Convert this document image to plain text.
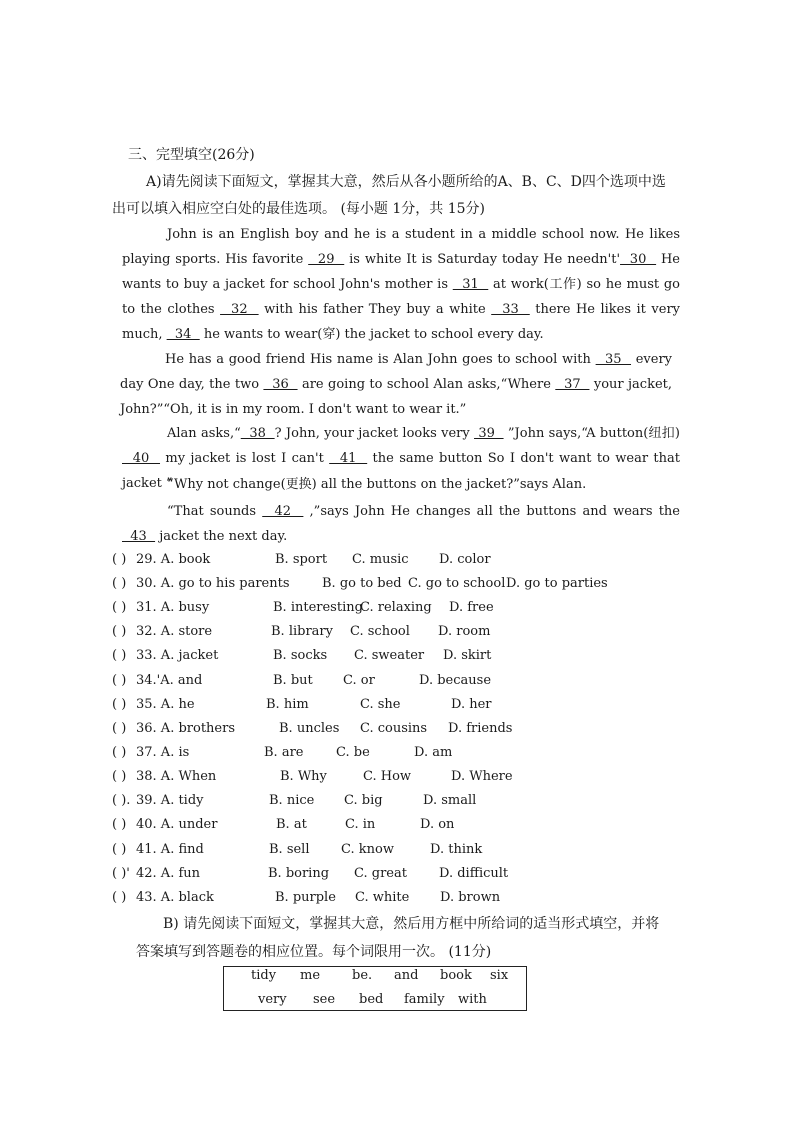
三、完型填空(26分)
A)请先阅读下面短文，掌握其大意，然后从各小题所给的A、B、C、D四个选项中选
出可以填入相应空白处的最佳选项。 (每小题 1分，共 15分)
John is an English boy and he is a student in a middle school now. He likes playing sports. His favorite   29   is white It is Saturday today He needn't'  30   He wants to buy a jacket for school John's mother is   31   at work(工作) so he must go to the clothes   32   with his father They buy a white   33   there He likes it very much,   34   he wants to wear(穿) the jacket to school every day.
He has a good friend His name is Alan John goes to school with   35   every day One day, the two   36   are going to school Alan asks,“Where   37   your jacket, John?”“Oh, it is in my room. I don't want to wear it.”
Alan asks,“  38  ? John, your jacket looks very  39   ”John says,“A button(纽扣)   40   my jacket is lost I can't   41   the same button So I don't want to wear that jacket ”
“Why not change(更换) all the buttons on the jacket?”says Alan.
“That sounds   42   ,”says John He changes all the buttons and wears the   43   jacket the next day.
( ) 29. A. book	B. sport C. music D. color
( ) 30. A. go to his parents B. go to bed C. go to school D. go to parties
( ) 31. A. busy	B. interesting
C. relaxing D. free
( ) 32. A. store	B. library C. school D. room
( ) 33. A. jacket	B. socks C. sweater D. skirt
( ) 34.'A. and	B. but C. or	D. because
( ) 35. A. he	B. him	C. she	D. her
( ) 36. A. brothers	B. uncles C. cousins D. friends
( ) 37. A. is	B. are	C. be	D. am
( ) 38. A. When	B. Why	C. How	D. Where
( ). 39. A. tidy	B. nice C. big	D. small
( ) 40. A. under	B. at	C. in	D. on
( ) 41. A. find	B. sell C. know	D. think
( )' 42. A. fun	B. boring C. great D. difficult
( ) 43. A. black	B. purple C. white D. brown
B) 请先阅读下面短文，掌握其大意，然后用方框中所给词的适当形式填空，并将
答案填写到答题卷的相应位置。每个词限用一次。 (11分)
tidy me be. and book six
very see bed family with
